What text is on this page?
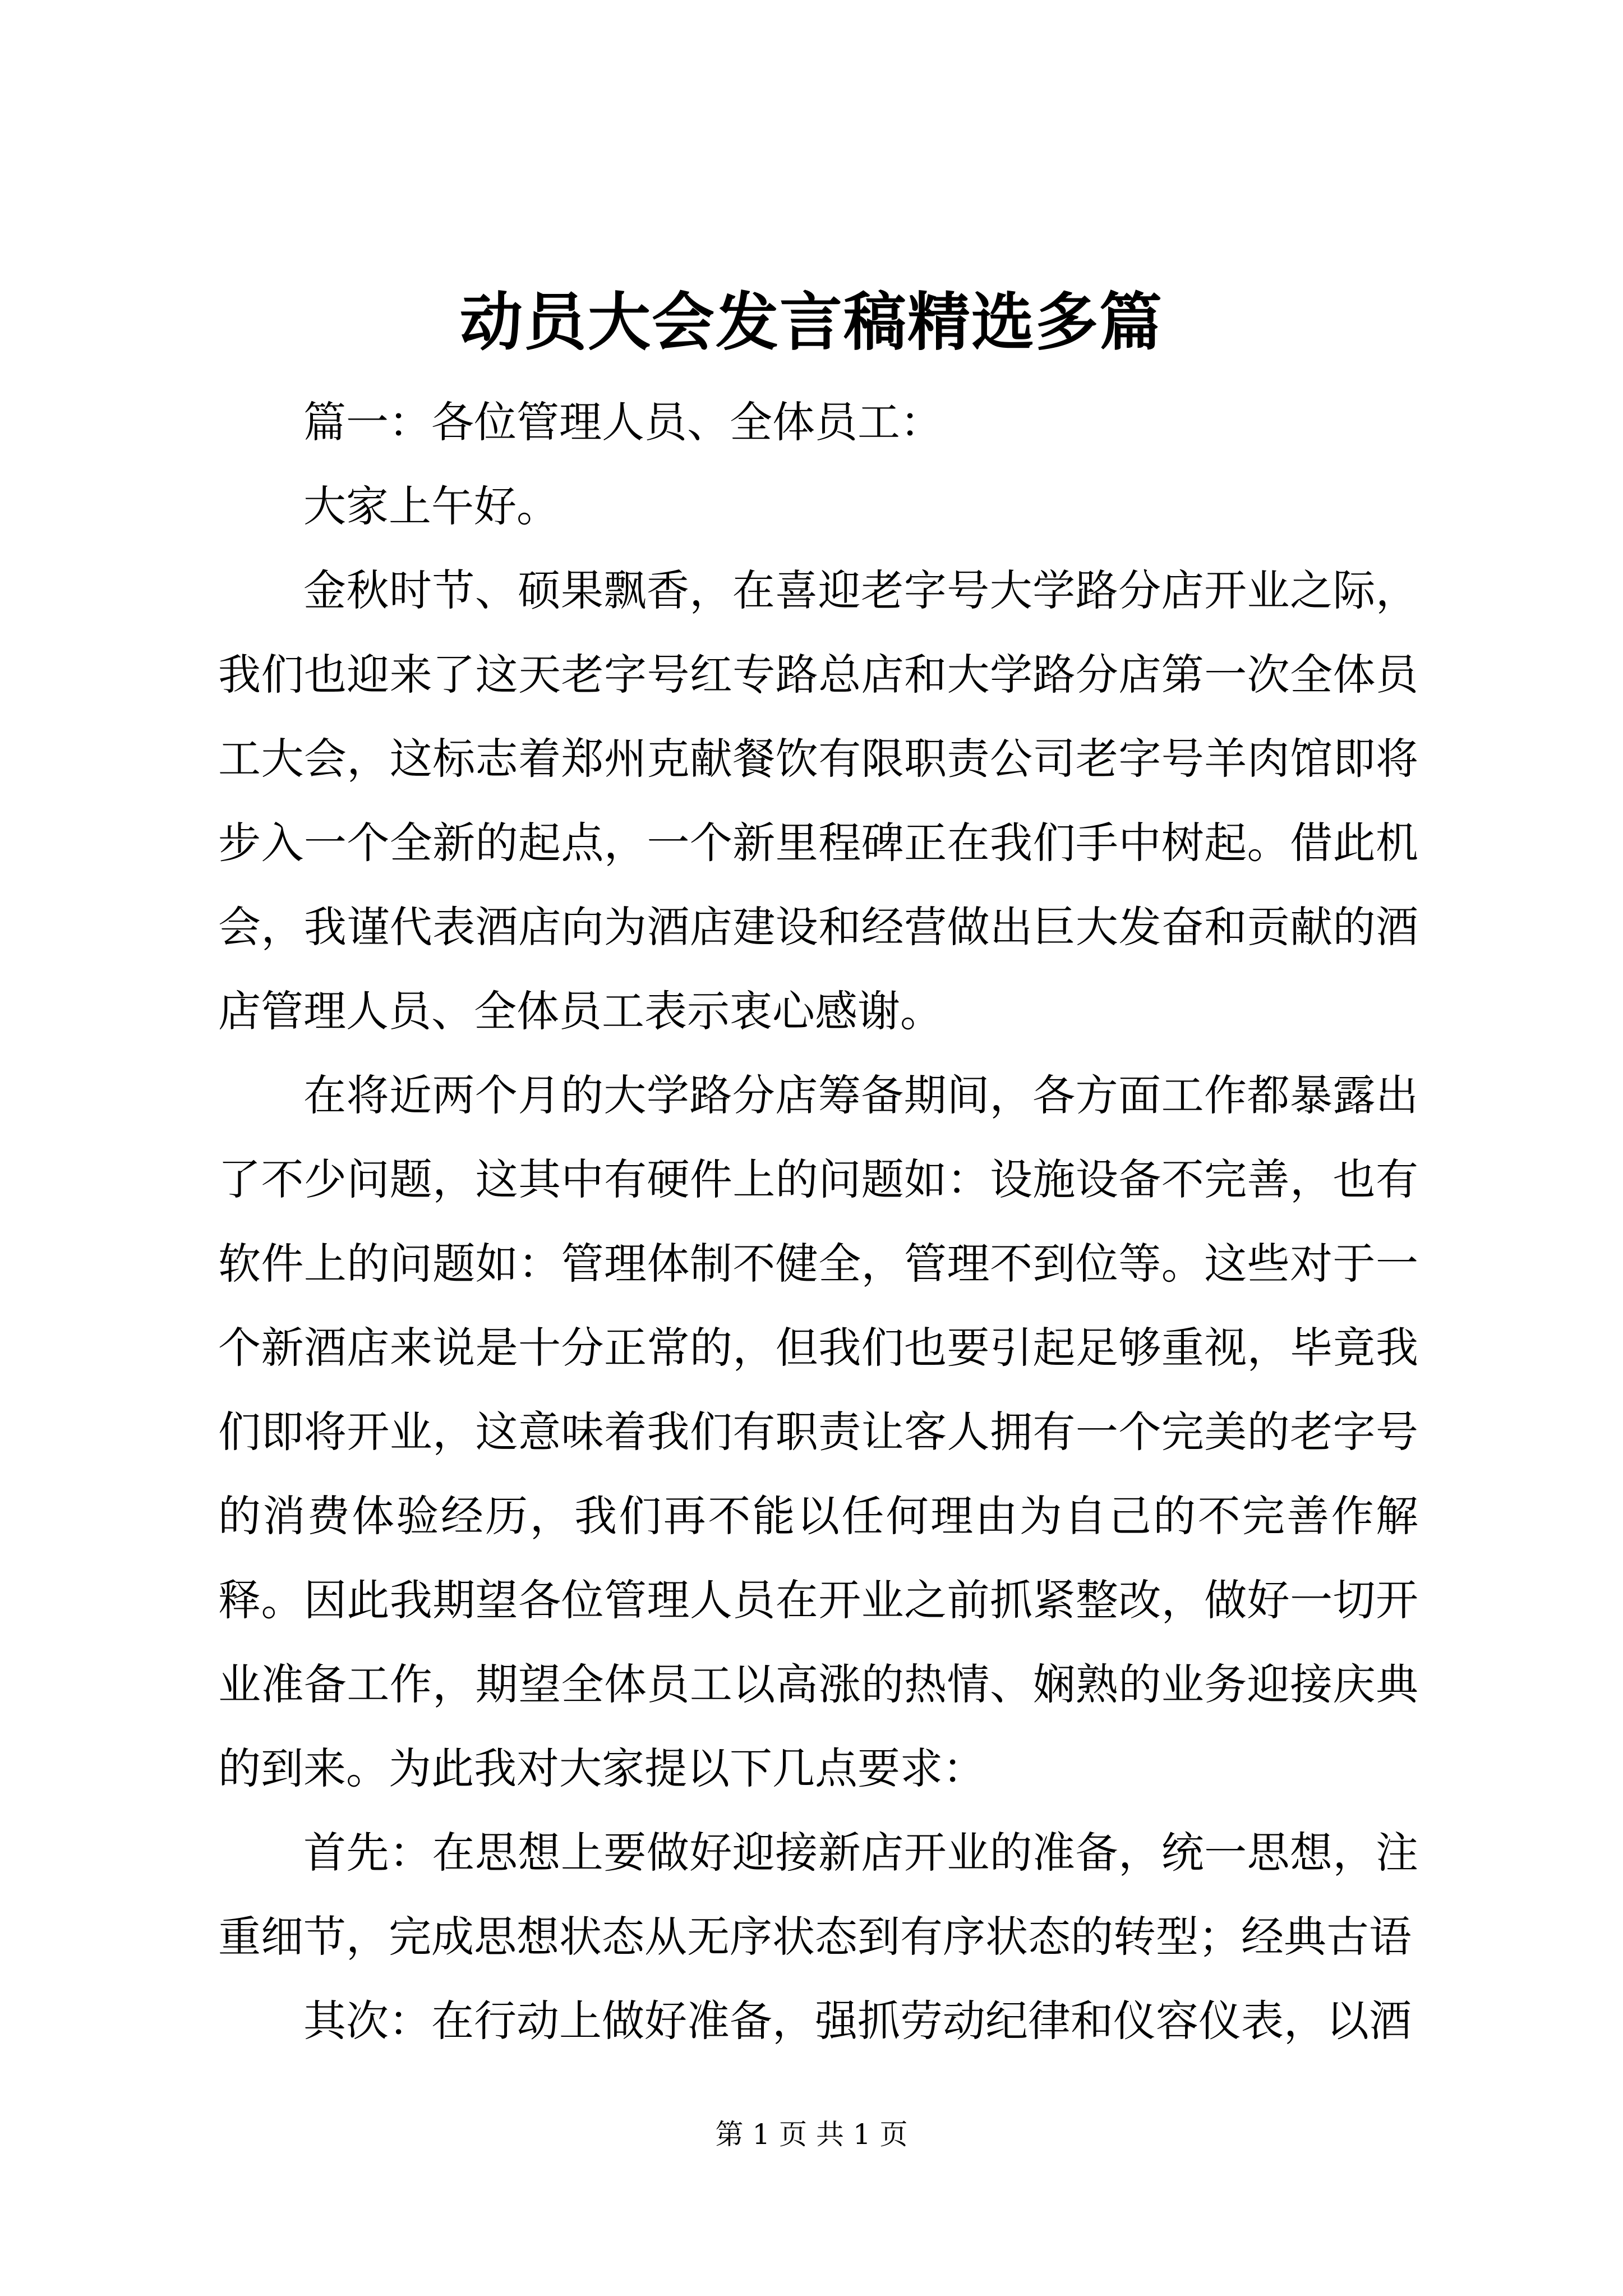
动员大会发言稿精选多篇

篇一：各位管理人员、全体员工：

大家上午好。

金秋时节、硕果飘香，在喜迎老字号大学路分店开业之际，我们也迎来了这天老字号红专路总店和大学路分店第一次全体员工大会，这标志着郑州克献餐饮有限职责公司老字号羊肉馆即将步入一个全新的起点，一个新里程碑正在我们手中树起。借此机会，我谨代表酒店向为酒店建设和经营做出巨大发奋和贡献的酒店管理人员、全体员工表示衷心感谢。

在将近两个月的大学路分店筹备期间，各方面工作都暴露出了不少问题，这其中有硬件上的问题如：设施设备不完善，也有软件上的问题如：管理体制不健全，管理不到位等。这些对于一个新酒店来说是十分正常的，但我们也要引起足够重视，毕竟我们即将开业，这意味着我们有职责让客人拥有一个完美的老字号的消费体验经历，我们再不能以任何理由为自己的不完善作解释。因此我期望各位管理人员在开业之前抓紧整改，做好一切开业准备工作，期望全体员工以高涨的热情、娴熟的业务迎接庆典的到来。为此我对大家提以下几点要求：

首先：在思想上要做好迎接新店开业的准备，统一思想，注重细节，完成思想状态从无序状态到有序状态的转型；经典古语

其次：在行动上做好准备，强抓劳动纪律和仪容仪表，以酒

第 1 页 共 1 页
